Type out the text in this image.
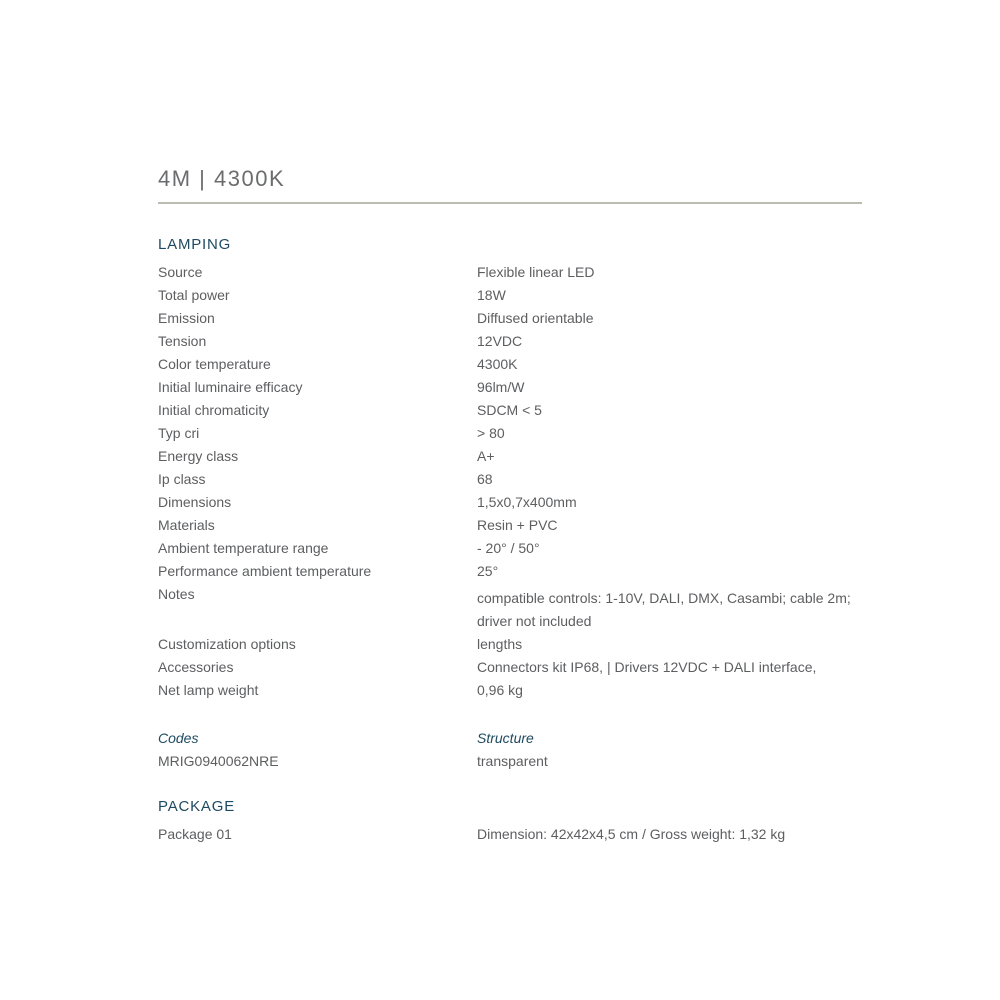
4M | 4300K
LAMPING
Source	Flexible linear LED
Total power	18W
Emission	Diffused orientable
Tension	12VDC
Color temperature	4300K
Initial luminaire efficacy	96lm/W
Initial chromaticity	SDCM < 5
Typ cri	> 80
Energy class	A+
Ip class	68
Dimensions	1,5x0,7x400mm
Materials	Resin + PVC
Ambient temperature range	- 20° / 50°
Performance ambient temperature	25°
Notes	compatible controls: 1-10V, DALI, DMX, Casambi; cable 2m; driver not included
Customization options	lengths
Accessories	Connectors kit IP68, | Drivers 12VDC + DALI interface,
Net lamp weight	0,96 kg
Codes	Structure
MRIG0940062NRE	transparent
PACKAGE
Package 01	Dimension: 42x42x4,5 cm / Gross weight: 1,32 kg
